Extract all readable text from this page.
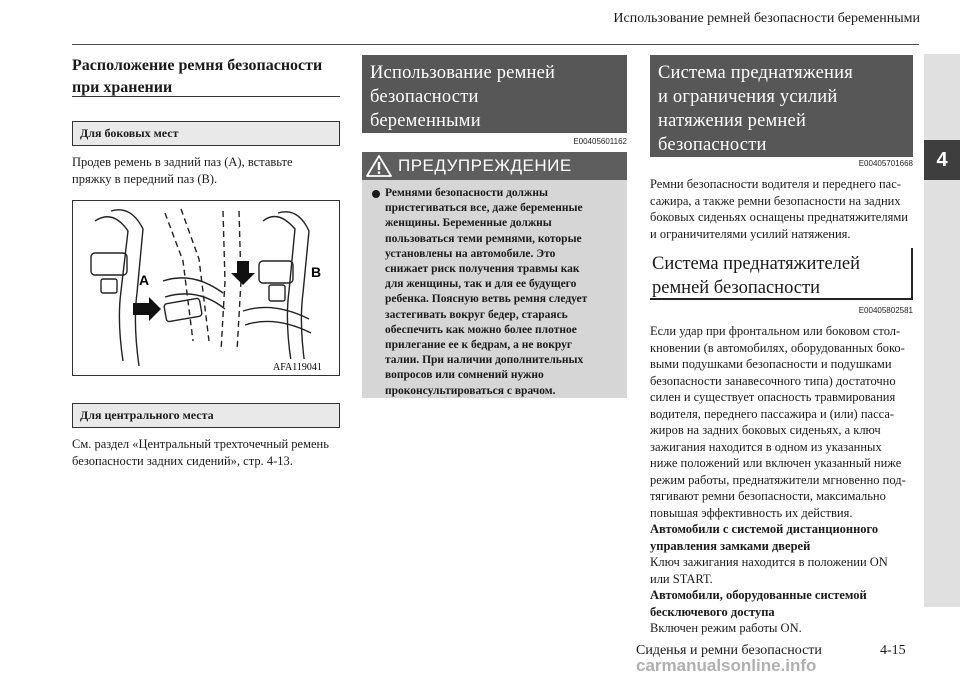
Использование ремней безопасности беременными
4
Расположение ремня безопасности
при хранении
Для боковых мест
Продев ремень в задний паз (A), вставьте
пряжку в передний паз (B).
A	B
AFA119041
Для центрального места
См. раздел «Центральный трехточечный ремень
безопасности задних сидений», стр. 4-13.
Использование ремней
безопасности
беременными
E00405601162
ПРЕДУПРЕЖДЕНИЕ
Ремнями безопасности должны
пристегиваться все, даже беременные
женщины. Беременные должны
пользоваться теми ремнями, которые
установлены на автомобиле. Это
снижает риск получения травмы как
для женщины, так и для ее будущего
ребенка. Поясную ветвь ремня следует
застегивать вокруг бедер, стараясь
обеспечить как можно более плотное
прилегание ее к бедрам, а не вокруг
талии. При наличии дополнительных
вопросов или сомнений нужно
проконсультироваться с врачом.
Система преднатяжения
и ограничения усилий
натяжения ремней
безопасности
E00405701668
Ремни безопасности водителя и переднего пас-
сажира, а также ремни безопасности на задних
боковых сиденьях оснащены преднатяжителями
и ограничителями усилий натяжения.
Система преднатяжителей
ремней безопасности
E00405802581
Если удар при фронтальном или боковом стол-
кновении (в автомобилях, оборудованных боко-
выми подушками безопасности и подушками
безопасности занавесочного типа) достаточно
силен и существует опасность травмирования
водителя, переднего пассажира и (или) пасса-
жиров на задних боковых сиденьях, а ключ
зажигания находится в одном из указанных
ниже положений или включен указанный ниже
режим работы, преднатяжители мгновенно под-
тягивают ремни безопасности, максимально
повышая эффективность их действия.
Автомобили с системой дистанционного
управления замками дверей
Ключ зажигания находится в положении ON
или START.
Автомобили, оборудованные системой
бесключевого доступа
Включен режим работы ON.
Сиденья и ремни безопасности	4-15
carmanualsonline.info
